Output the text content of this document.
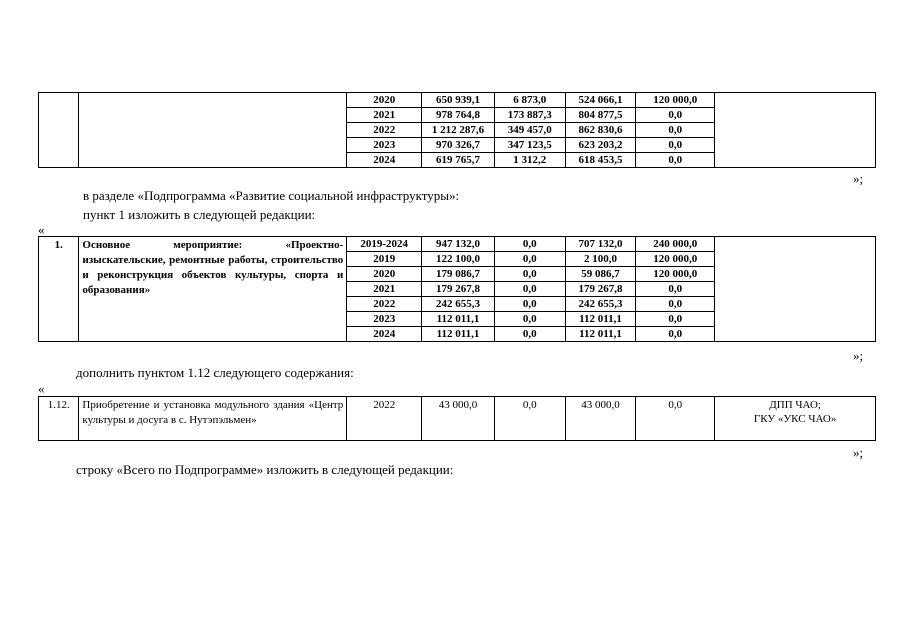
		2020	650 939,1	6 873,0	524 066,1	120 000,0	
		2021	978 764,8	173 887,3	804 877,5	0,0	
		2022	1 212 287,6	349 457,0	862 830,6	0,0	
		2023	970 326,7	347 123,5	623 203,2	0,0	
		2024	619 765,7	1 312,2	618 453,5	0,0	
»;
в разделе «Подпрограмма «Развитие социальной инфраструктуры»:
пункт 1 изложить в следующей редакции:
«
1.	Основное мероприятие: «Проектно-изыскательские, ремонтные работы, строительство и реконструкция объектов культуры, спорта и образования»	2019-2024	947 132,0	0,0	707 132,0	240 000,0	
		2019	122 100,0	0,0	2 100,0	120 000,0	
		2020	179 086,7	0,0	59 086,7	120 000,0	
		2021	179 267,8	0,0	179 267,8	0,0	
		2022	242 655,3	0,0	242 655,3	0,0	
		2023	112 011,1	0,0	112 011,1	0,0	
		2024	112 011,1	0,0	112 011,1	0,0	
»;
дополнить пунктом 1.12 следующего содержания:
«
1.12.	Приобретение и установка модульного здания «Центр культуры и досуга в с. Нутэпэльмен»	2022	43 000,0	0,0	43 000,0	0,0	ДПП ЧАО;
ГКУ «УКС ЧАО»
»;
строку «Всего по Подпрограмме» изложить в следующей редакции:
